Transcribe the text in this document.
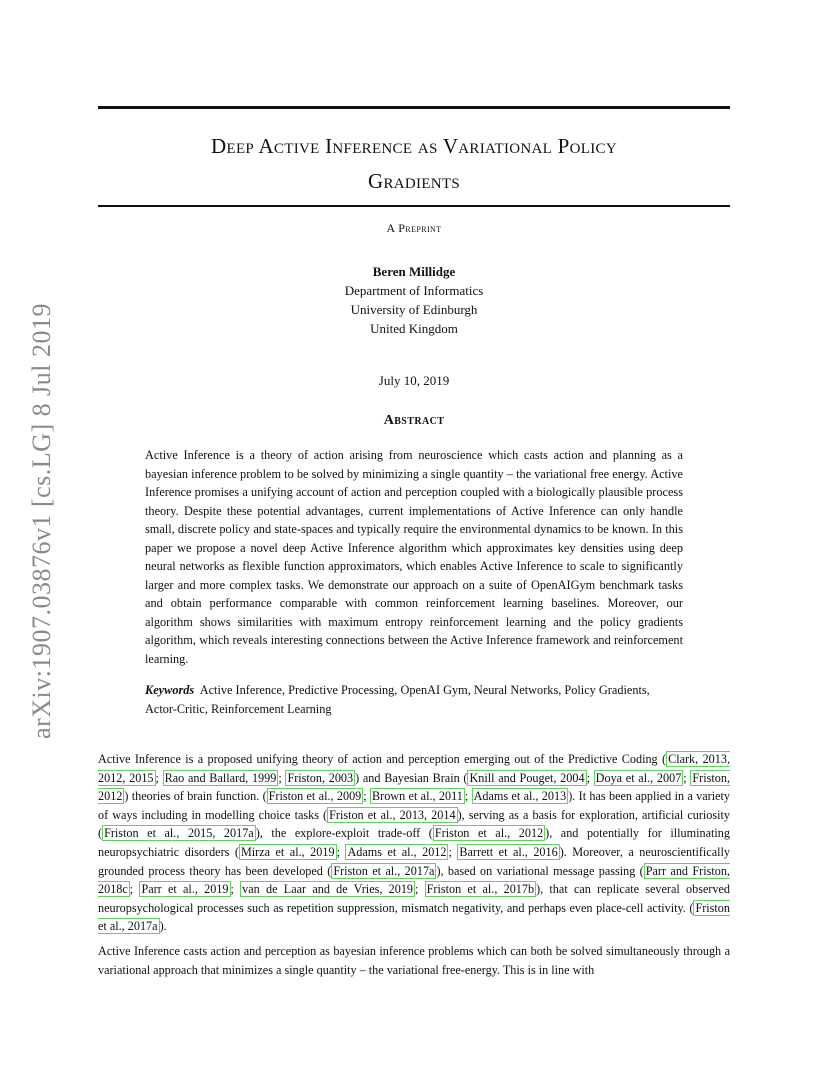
arXiv:1907.03876v1 [cs.LG] 8 Jul 2019
Deep Active Inference as Variational Policy
Gradients
A Preprint
Beren Millidge
Department of Informatics
University of Edinburgh
United Kingdom
July 10, 2019
Abstract
Active Inference is a theory of action arising from neuroscience which casts action and planning as a bayesian inference problem to be solved by minimizing a single quantity – the variational free energy. Active Inference promises a unifying account of action and perception coupled with a biologically plausible process theory. Despite these potential advantages, current implementations of Active Inference can only handle small, discrete policy and state-spaces and typically require the environmental dynamics to be known. In this paper we propose a novel deep Active Inference algorithm which approximates key densities using deep neural networks as flexible function approximators, which enables Active Inference to scale to significantly larger and more complex tasks. We demonstrate our approach on a suite of OpenAIGym benchmark tasks and obtain performance comparable with common reinforcement learning baselines. Moreover, our algorithm shows similarities with maximum entropy reinforcement learning and the policy gradients algorithm, which reveals interesting connections between the Active Inference framework and reinforcement learning.
Keywords Active Inference, Predictive Processing, OpenAI Gym, Neural Networks, Policy Gradients, Actor-Critic, Reinforcement Learning

Active Inference is a proposed unifying theory of action and perception emerging out of the Predictive Coding ( Clark, 2013, 2012, 2015 ; Rao and Ballard, 1999 ; Friston, 2003 ) and Bayesian Brain ( Knill and Pouget, 2004 ; Doya et al., 2007 ; Friston, 2012 ) theories of brain function. ( Friston et al., 2009 ; Brown et al., 2011 ; Adams et al., 2013 ). It has been applied in a variety of ways including in modelling choice tasks ( Friston et al., 2013, 2014 ), serving as a basis for exploration, artificial curiosity ( Friston et al., 2015, 2017a ), the explore-exploit trade-off ( Friston et al., 2012 ), and potentially for illuminating neuropsychiatric disorders ( Mirza et al., 2019 ; Adams et al., 2012 ; Barrett et al., 2016 ). Moreover, a neuroscientifically grounded process theory has been developed ( Friston et al., 2017a ), based on variational message passing ( Parr and Friston, 2018c ; Parr et al., 2019 ; van de Laar and de Vries, 2019 ; Friston et al., 2017b ), that can replicate several observed neuropsychological processes such as repetition suppression, mismatch negativity, and perhaps even place-cell activity. ( Friston et al., 2017a ).

Active Inference casts action and perception as bayesian inference problems which can both be solved simultaneously through a variational approach that minimizes a single quantity – the variational free-energy. This is in line with
